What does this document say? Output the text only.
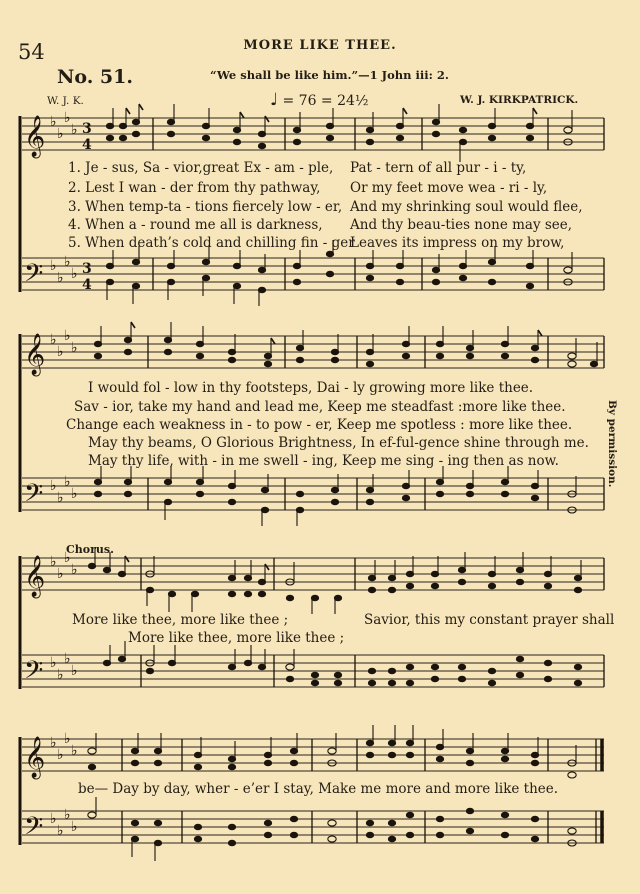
𝄞
𝄢
𝄞
𝄢
𝄞
𝄢
𝄞
𝄢
♭
♭
♭
♭
♭
♭
♭
♭
♭
♭
♭
♭
♭
♭
♭
♭
♭
♭
♭
♭
♭
♭
♭
♭
♭
♭
♭
♭
♭
♭
♭
♭
3
4
3
4
54	MORE LIKE THEE.
No. 51.	“We shall be like him.”—1 John iii: 2.
W. J. K.	♩ = 76 = 24½	W. J. KIRKPATRICK.
1. Je - sus, Sa - vior,great Ex - am - ple, Pat - tern of all pur - i - ty,
2. Lest I wan - der from thy pathway, Or my feet move wea - ri - ly,
3. When temp-ta - tions fiercely low - er, And my shrinking soul would flee,
4. When a - round me all is darkness, And thy beau-ties none may see,
5. When death’s cold and chilling fin - ger
Leaves its impress on my brow,
I would fol - low in thy footsteps, Dai - ly growing more like thee.
Sav - ior, take my hand and lead me, Keep me steadfast :more like thee.
Change each weakness in - to pow - er, Keep me spotless : more like thee.
May thy beams, O Glorious Brightness, In ef-ful-gence shine through me.
May thy life, with - in me swell - ing, Keep me sing - ing then as now.	By permission.
Chorus.
More like thee, more like thee ;	Savior, this my constant prayer shall
More like thee, more like thee ;
be— Day by day, wher - e’er I stay, Make me more and more like thee.
